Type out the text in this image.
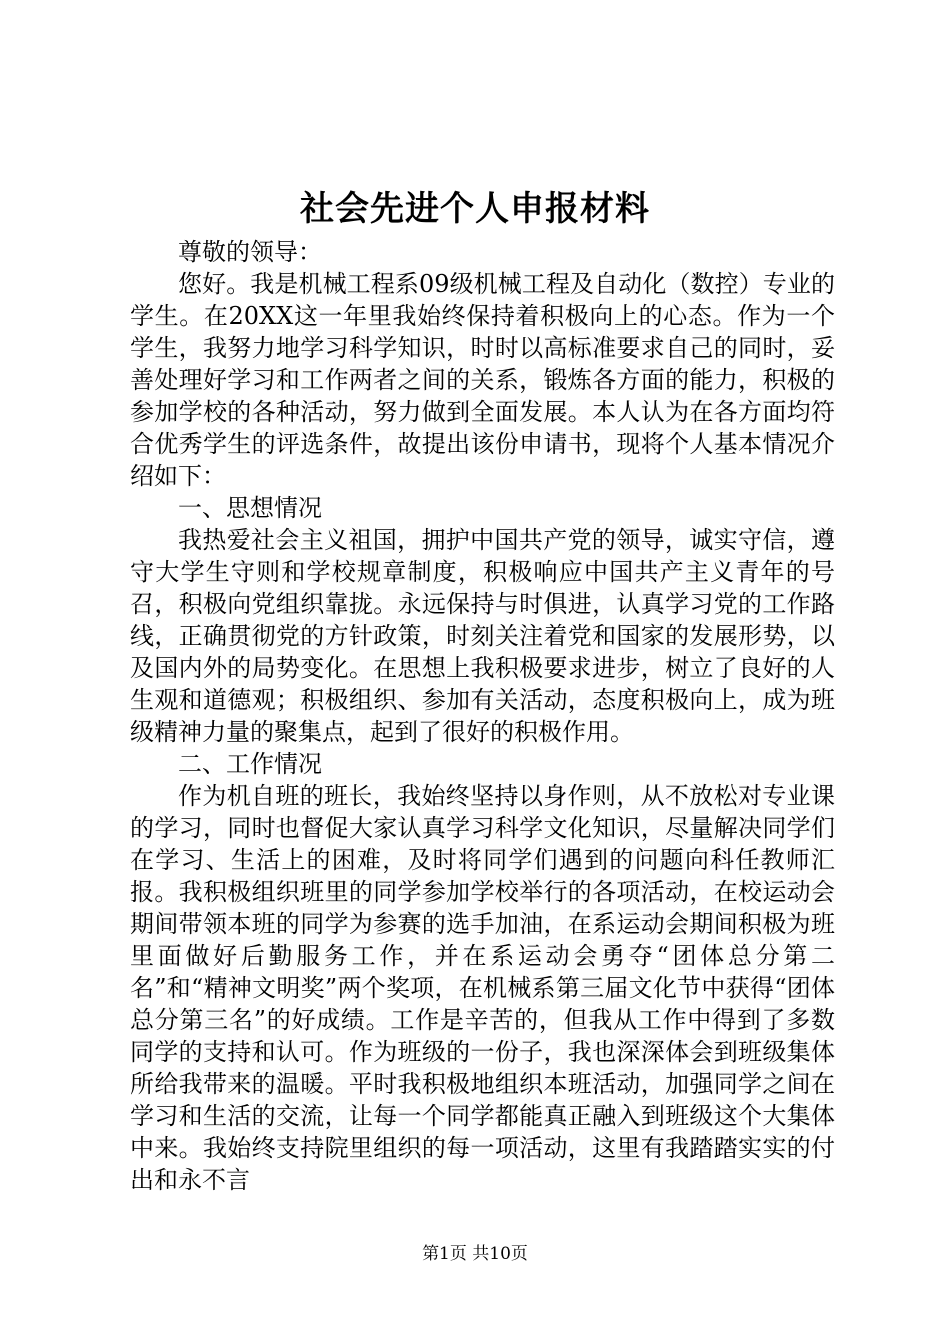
社会先进个人申报材料

尊敬的领导：

您好。我是机械工程系09级机械工程及自动化（数控）专业的学生。在20XX这一年里我始终保持着积极向上的心态。作为一个学生，我努力地学习科学知识，时时以高标准要求自己的同时，妥善处理好学习和工作两者之间的关系，锻炼各方面的能力，积极的参加学校的各种活动，努力做到全面发展。本人认为在各方面均符合优秀学生的评选条件，故提出该份申请书，现将个人基本情况介绍如下：

一、思想情况

我热爱社会主义祖国，拥护中国共产党的领导，诚实守信，遵守大学生守则和学校规章制度，积极响应中国共产主义青年的号召，积极向党组织靠拢。永远保持与时俱进，认真学习党的工作路线，正确贯彻党的方针政策，时刻关注着党和国家的发展形势，以及国内外的局势变化。在思想上我积极要求进步，树立了良好的人生观和道德观；积极组织、参加有关活动，态度积极向上，成为班级精神力量的聚集点，起到了很好的积极作用。

二、工作情况

作为机自班的班长，我始终坚持以身作则，从不放松对专业课的学习，同时也督促大家认真学习科学文化知识，尽量解决同学们在学习、生活上的困难，及时将同学们遇到的问题向科任教师汇报。我积极组织班里的同学参加学校举行的各项活动，在校运动会期间带领本班的同学为参赛的选手加油，在系运动会期间积极为班里面做好后勤服务工作，并在系运动会勇夺“团体总分第二名”和“精神文明奖”两个奖项，在机械系第三届文化节中获得“团体总分第三名”的好成绩。工作是辛苦的，但我从工作中得到了多数同学的支持和认可。作为班级的一份子，我也深深体会到班级集体所给我带来的温暖。平时我积极地组织本班活动，加强同学之间在学习和生活的交流，让每一个同学都能真正融入到班级这个大集体中来。我始终支持院里组织的每一项活动，这里有我踏踏实实的付出和永不言

第1页 共10页
